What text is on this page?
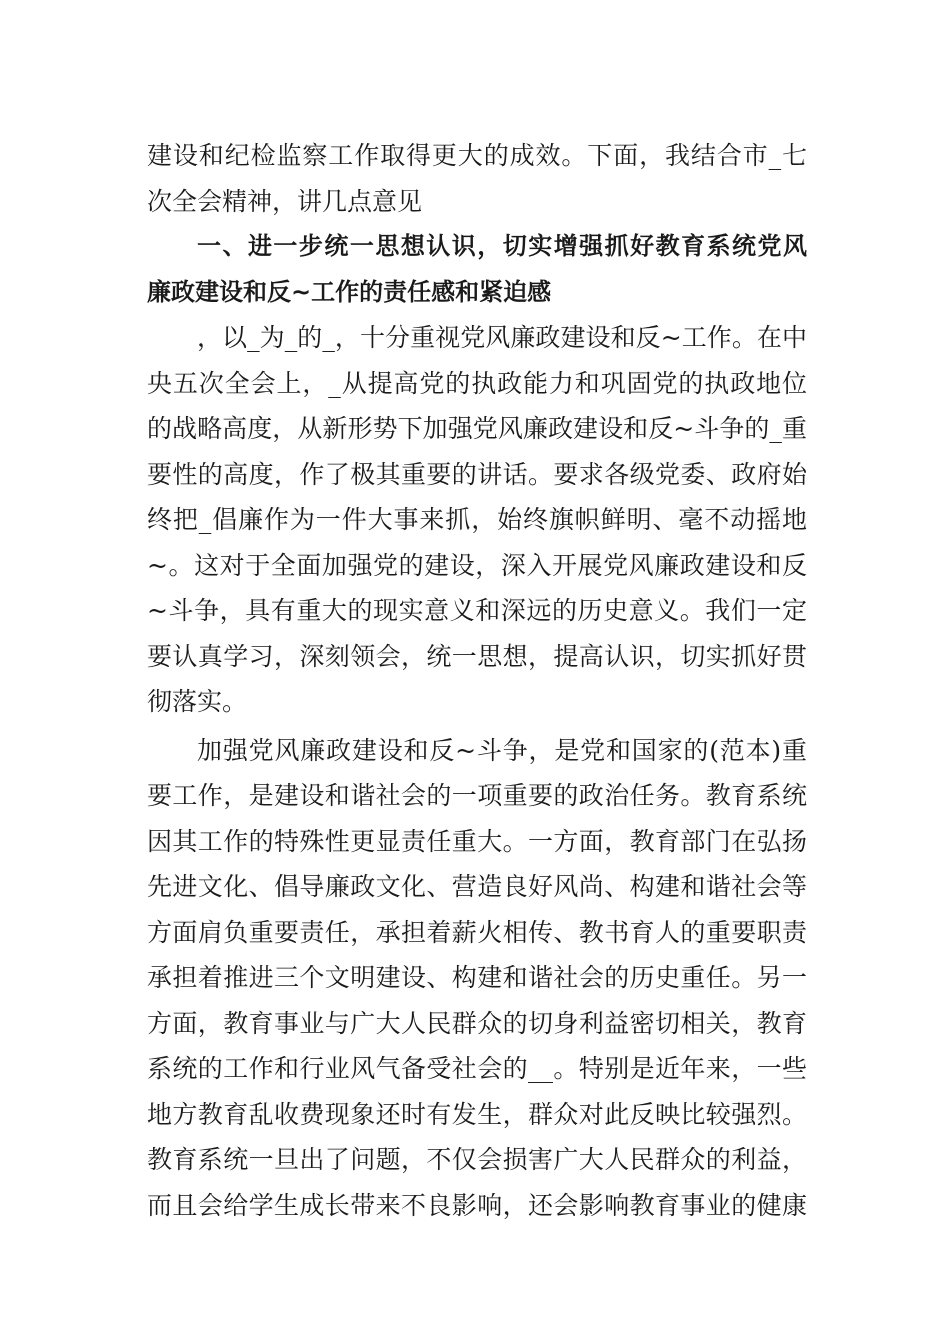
建设和纪检监察工作取得更大的成效。下面，我结合市_七
次全会精神，讲几点意见
一、进一步统一思想认识，切实增强抓好教育系统党风
廉政建设和反~工作的责任感和紧迫感
，以_为_的_，十分重视党风廉政建设和反~工作。在中
央五次全会上，_从提高党的执政能力和巩固党的执政地位
的战略高度，从新形势下加强党风廉政建设和反~斗争的_重
要性的高度，作了极其重要的讲话。要求各级党委、政府始
终把_倡廉作为一件大事来抓，始终旗帜鲜明、毫不动摇地
~。这对于全面加强党的建设，深入开展党风廉政建设和反
~斗争，具有重大的现实意义和深远的历史意义。我们一定
要认真学习，深刻领会，统一思想，提高认识，切实抓好贯
彻落实。
加强党风廉政建设和反~斗争，是党和国家的(范本)重
要工作，是建设和谐社会的一项重要的政治任务。教育系统
因其工作的特殊性更显责任重大。一方面，教育部门在弘扬
先进文化、倡导廉政文化、营造良好风尚、构建和谐社会等
方面肩负重要责任，承担着薪火相传、教书育人的重要职责
承担着推进三个文明建设、构建和谐社会的历史重任。另一
方面，教育事业与广大人民群众的切身利益密切相关，教育
系统的工作和行业风气备受社会的__。特别是近年来，一些
地方教育乱收费现象还时有发生，群众对此反映比较强烈。
教育系统一旦出了问题，不仅会损害广大人民群众的利益，
而且会给学生成长带来不良影响，还会影响教育事业的健康
